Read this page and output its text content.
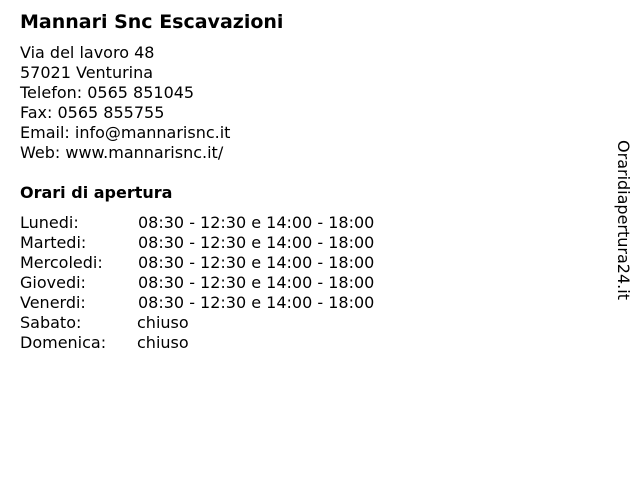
Mannari Snc Escavazioni
Via del lavoro 48
57021 Venturina
Telefon: 0565 851045
Fax: 0565 855755
Email: info@mannarisnc.it
Web: www.mannarisnc.it/
Orari di apertura
Lunedi:	08:30 - 12:30 e 14:00 - 18:00
Martedi:	08:30 - 12:30 e 14:00 - 18:00
Mercoledi: 08:30 - 12:30 e 14:00 - 18:00
Giovedi:	08:30 - 12:30 e 14:00 - 18:00
Venerdi:	08:30 - 12:30 e 14:00 - 18:00
Sabato:	chiuso
Domenica: chiuso
Oraridiapertura24.it
